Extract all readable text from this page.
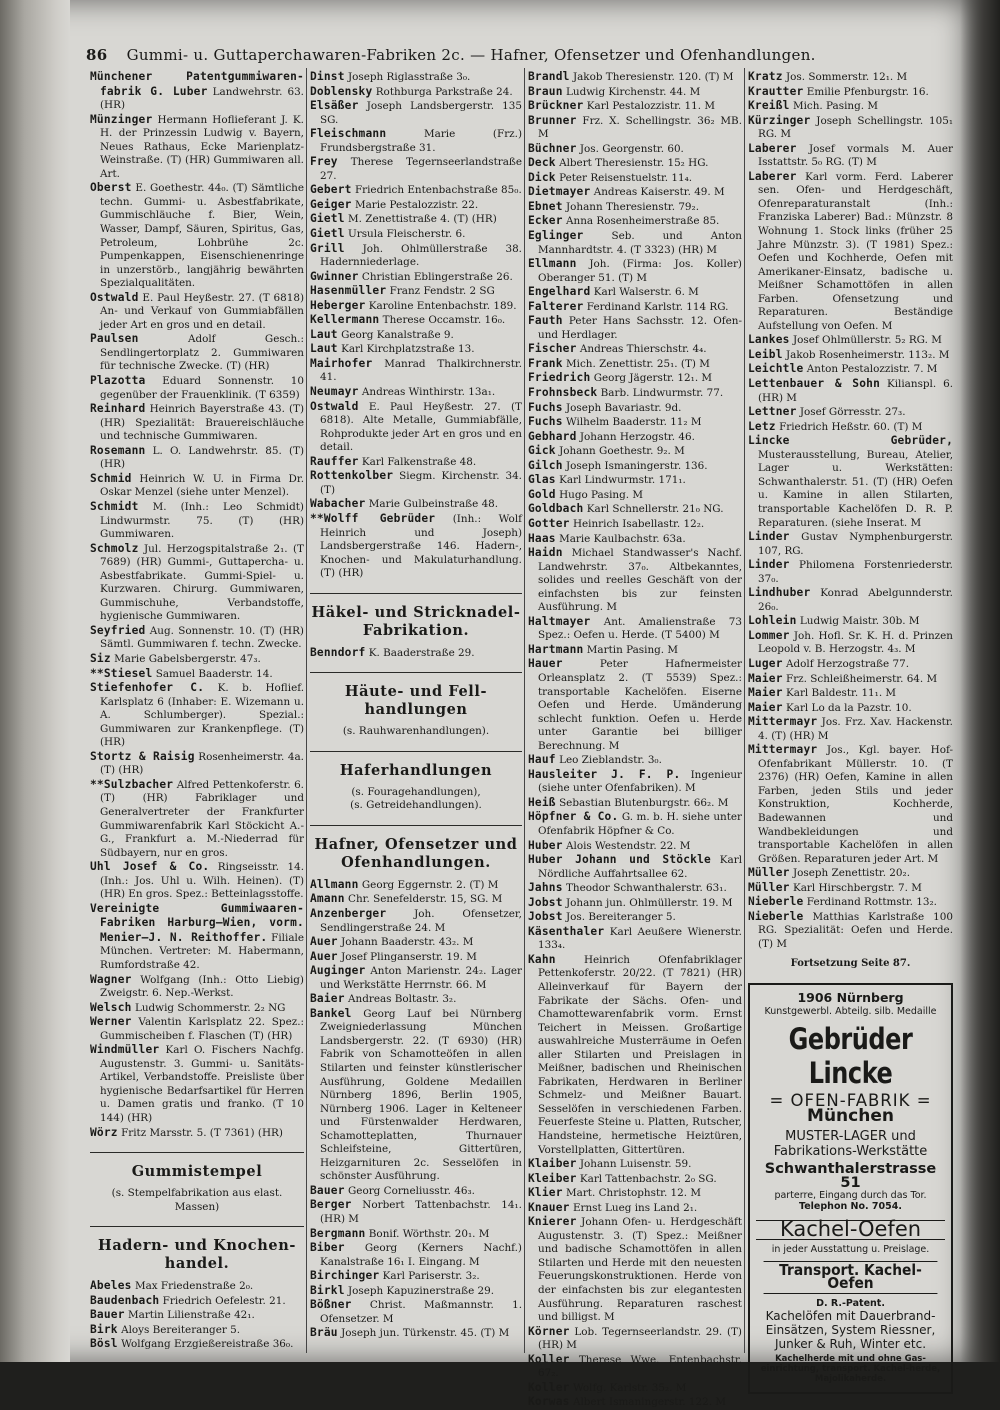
86 Gummi- u. Guttaperchawaren-Fabriken 2c. — Hafner, Ofensetzer und Ofenhandlungen.

Münchener Patentgummiwaren-fabrik G. Luber Landwehrstr. 63. (HR)

Münzinger Hermann Hoflieferant J. K. H. der Prinzessin Ludwig v. Bayern, Neues Rathaus, Ecke Marienplatz-Weinstraße. (T) (HR) Gummiwaren all. Art.

Oberst E. Goethestr. 44₀. (T) Sämtliche techn. Gummi- u. Asbestfabrikate, Gummischläuche f. Bier, Wein, Wasser, Dampf, Säuren, Spiritus, Gas, Petroleum, Lohbrühe 2c. Pumpenkappen, Eisenschienenringe in unzerstörb., langjährig bewährten Spezialqualitäten.

Ostwald E. Paul Heyßestr. 27. (T 6818) An- und Verkauf von Gummiabfällen jeder Art en gros und en detail.

Paulsen	Adolf Gesch.: Sendlingertorplatz 2. Gummiwaren für technische Zwecke. (T) (HR)

Plazotta Eduard Sonnenstr. 10 gegenüber der Frauenklinik. (T 6359)

Reinhard Heinrich Bayerstraße 43. (T) (HR) Spezialität: Brauereischläuche und technische Gummiwaren.

Rosemann L. O. Landwehrstr. 85. (T) (HR)

Schmid Heinrich W. U. in Firma Dr. Oskar Menzel (siehe unter Menzel).

Schmidt M. (Inh.: Leo Schmidt) Lindwurmstr. 75. (T) (HR) Gummiwaren.

Schmolz Jul. Herzogspitalstraße 2₁. (T 7689) (HR) Gummi-, Guttapercha- u. Asbestfabrikate. Gummi-Spiel- u. Kurzwaren. Chirurg. Gummiwaren, Gummischuhe, Verbandstoffe, hygienische Gummiwaren.

Seyfried Aug. Sonnenstr. 10. (T) (HR) Sämtl. Gummiwaren f. techn. Zwecke.

Siz Marie Gabelsbergerstr. 47₃.

**Stiesel Samuel Baaderstr. 14.

Stiefenhofer C. K. b. Hoflief. Karlsplatz 6 (Inhaber: E. Wizemann u. A. Schlumberger). Spezial.: Gummiwaren zur Krankenpflege. (T) (HR)

Stortz & Raisig Rosenheimerstr. 4a. (T) (HR)

**Sulzbacher Alfred Pettenkoferstr. 6. (T) (HR) Fabriklager und Generalvertreter der Frankfurter Gummiwarenfabrik Karl Stöckicht A.-G., Frankfurt a. M.-Niederrad für Südbayern, nur en gros.

Uhl Josef & Co. Ringseisstr. 14. (Inh.: Jos. Uhl u. Wilh. Heinen). (T) (HR) En gros. Spez.: Betteinlagsstoffe.

Vereinigte Gummiwaaren-Fabriken Harburg—Wien, vorm. Menier—J. N. Reithoffer. Filiale München. Vertreter: M. Habermann, Rumfordstraße 42.

Wagner Wolfgang (Inh.: Otto Liebig) Zweigstr. 6. Nep.-Werkst.

Welsch Ludwig Schommerstr. 2₂ NG

Werner Valentin Karlsplatz 22. Spez.: Gummischeiben f. Flaschen (T) (HR)

Windmüller Karl O. Fischers Nachfg. Augustenstr. 3. Gummi- u. Sanitäts-Artikel, Verbandstoffe. Preisliste über hygienische Bedarfsartikel für Herren u. Damen gratis und franko. (T 10 144) (HR)

Wörz Fritz Marsstr. 5. (T 7361) (HR)

Gummistempel

(s. Stempelfabrikation aus elast. Massen)

Hadern- und Knochen-handel.

Abeles Max Friedenstraße 2₀.

Baudenbach Friedrich Oefelestr. 21.

Bauer Martin Lilienstraße 42₁.

Birk Aloys Bereiteranger 5.

Bösl Wolfgang Erzgießereistraße 36₀.

Dinst Joseph Riglasstraße 3₀.

Doblensky Rothburga Parkstraße 24.

Elsäßer Joseph Landsbergerstr. 135 SG.

Fleischmann	Marie (Frz.) Frundsbergstraße 31.

Frey Therese Tegernseerlandstraße 27.

Gebert Friedrich Entenbachstraße 85₀.

Geiger Marie Pestalozzistr. 22.

Gietl M. Zenettistraße 4. (T) (HR)

Gietl Ursula Fleischerstr. 6.

Grill Joh. Ohlmüllerstraße 38. Hadernniederlage.

Gwinner Christian Eblingerstraße 26.

Hasenmüller Franz Fendstr. 2 SG

Heberger Karoline Entenbachstr. 189.

Kellermann Therese Occamstr. 16₀.

Laut Georg Kanalstraße 9.

Laut Karl Kirchplatzstraße 13.

Mairhofer Manrad Thalkirchnerstr. 41.

Neumayr Andreas Winthirstr. 13a₁.

Ostwald E. Paul Heyßestr. 27. (T 6818). Alte Metalle, Gummiabfälle, Rohprodukte jeder Art en gros und en detail.

Rauffer Karl Falkenstraße 48.

Rottenkolber Siegm. Kirchenstr. 34. (T)

Wabacher Marie Gulbeinstraße 48.

**Wolff Gebrüder (Inh.: Wolf Heinrich und Joseph) Landsbergerstraße 146. Hadern-, Knochen- und Makulaturhandlung. (T) (HR)

Häkel- und Stricknadel-Fabrikation.

Benndorf K. Baaderstraße 29.

Häute- und Fell-handlungen

(s. Rauhwarenhandlungen).

Haferhandlungen

(s. Fouragehandlungen),

(s. Getreidehandlungen).

Hafner, Ofensetzer und Ofenhandlungen.

Allmann Georg Eggernstr. 2. (T) M

Amann Chr. Senefelderstr. 15, SG. M

Anzenberger	Joh. Ofensetzer, Sendlingerstraße 24. M

Auer Johann Baaderstr. 43₂. M

Auer Josef Plinganserstr. 19. M

Auginger Anton Marienstr. 24₂. Lager und Werkstätte Herrnstr. 66. M

Baier Andreas Boltastr. 3₂.

Bankel Georg Lauf bei Nürnberg Zweigniederlassung München Landsbergerstr. 22. (T 6930) (HR) Fabrik von Schamotteöfen in allen Stilarten und feinster künstlerischer Ausführung, Goldene Medaillen Nürnberg 1896, Berlin 1905, Nürnberg 1906. Lager in Kelteneer und Fürstenwalder Herdwaren, Schamotteplatten, Thurnauer Schleifsteine, Gittertüren, Heizgarnituren 2c. Sesselöfen in schönster Ausführung.

Bauer Georg Corneliusstr. 46₃.

Berger Norbert Tattenbachstr. 14₁. (HR) M

Bergmann Bonif. Wörthstr. 20₁. M

Biber Georg (Kerners Nachf.) Kanalstraße 16₁ I. Eingang. M

Birchinger Karl Pariserstr. 3₂.

Birkl Joseph Kapuzinerstraße 29.

Bößner Christ. Maßmannstr. 1. Ofensetzer. M

Bräu Joseph jun. Türkenstr. 45. (T) M

Brandl Jakob Theresienstr. 120. (T) M

Braun Ludwig Kirchenstr. 44. M

Brückner Karl Pestalozzistr. 11. M

Brunner Frz. X. Schellingstr. 36₂ MB. M

Büchner Jos. Georgenstr. 60.

Deck Albert Theresienstr. 15₂ HG.

Dick Peter Reisenstuelstr. 11₄.

Dietmayer Andreas Kaiserstr. 49. M

Ebnet Johann Theresienstr. 79₂.

Ecker Anna Rosenheimerstraße 85.

Eglinger	Seb. und Anton Mannhardtstr. 4. (T 3323) (HR) M

Ellmann Joh. (Firma: Jos. Koller) Oberanger 51. (T) M

Engelhard Karl Walserstr. 6. M

Falterer Ferdinand Karlstr. 114 RG.

Fauth Peter Hans Sachsstr. 12. Ofen- und Herdlager.

Fischer Andreas Thierschstr. 4₄.

Frank Mich. Zenettistr. 25₁. (T) M

Friedrich Georg Jägerstr. 12₁. M

Frohnsbeck Barb. Lindwurmstr. 77.

Fuchs Joseph Bavariastr. 9d.

Fuchs Wilhelm Baaderstr. 11₂ M

Gebhard Johann Herzogstr. 46.

Gick Johann Goethestr. 9₂. M

Gilch Joseph Ismaningerstr. 136.

Glas Karl Lindwurmstr. 171₁.

Gold Hugo Pasing. M

Goldbach Karl Schnellerstr. 21₀ NG.

Gotter Heinrich Isabellastr. 12₂.

Haas Marie Kaulbachstr. 63a.

Haidn Michael Standwasser's Nachf. Landwehrstr. 37₀. Altbekanntes, solides und reelles Geschäft von der einfachsten bis zur feinsten Ausführung. M

Haltmayer Ant. Amalienstraße 73 Spez.: Oefen u. Herde. (T 5400) M

Hartmann Martin Pasing. M

Hauer	Peter Hafnermeister Orleansplatz 2. (T 5539) Spez.: transportable Kachelöfen. Eiserne Oefen und Herde. Umänderung schlecht funktion. Oefen u. Herde unter Garantie bei billiger Berechnung. M

Hauf Leo Zieblandstr. 3₀.

Hausleiter J. F. P. Ingenieur (siehe unter Ofenfabriken). M

Heiß Sebastian Blutenburgstr. 66₂. M

Höpfner & Co. G. m. b. H. siehe unter Ofenfabrik Höpfner & Co.

Huber Alois Westendstr. 22. M

Huber Johann und Stöckle Karl Nördliche Auffahrtsallee 62.

Jahns Theodor Schwanthalerstr. 63₁.

Jobst Johann jun. Ohlmüllerstr. 19. M

Jobst Jos. Bereiteranger 5.

Käsenthaler Karl Aeußere Wienerstr. 133₄.

Kahn	Heinrich Ofenfabriklager Pettenkoferstr. 20/22. (T 7821) (HR) Alleinverkauf für Bayern der Fabrikate der Sächs. Ofen- und Chamottewarenfabrik vorm. Ernst Teichert in Meissen. Großartige auswahlreiche Musterräume in Oefen aller Stilarten und Preislagen in Meißner, badischen und Rheinischen Fabrikaten, Herdwaren in Berliner Schmelz- und Meißner Bauart. Sesselöfen in verschiedenen Farben. Feuerfeste Steine u. Platten, Rutscher, Handsteine, hermetische Heiztüren, Vorstellplatten, Gittertüren.

Klaiber Johann Luisenstr. 59.

Kleiber Karl Tattenbachstr. 2₀ SG.

Klier Mart. Christophstr. 12. M

Knauer Ernst Lueg ins Land 2₁.

Knierer Johann Ofen- u. Herdgeschäft Augustenstr. 3. (T) Spez.: Meißner und badische Schamottöfen in allen Stilarten und Herde mit den neuesten Feuerungskonstruktionen. Herde von der einfachsten bis zur elegantesten Ausführung. Reparaturen raschest und billigst. M

Körner Lob. Tegernseerlandstr. 29. (T) (HR) M

Koller Therese Wwe. Entenbachstr. 67₂.

Koller Wolfg. Karlstr. 35₂. M

Korwas Albert Ismaningerstr. 122. M

Kratz Jos. Sommerstr. 12₁. M

Krautter Emilie Pfenburgstr. 16.

Kreißl Mich. Pasing. M

Kürzinger Joseph Schellingstr. 105₁ RG. M

Laberer Josef vormals M. Auer Isstattstr. 5₀ RG. (T) M

Laberer Karl vorm. Ferd. Laberer sen. Ofen- und Herdgeschäft, Ofenreparaturanstalt (Inh.: Franziska Laberer) Bad.: Münzstr. 8 Wohnung 1. Stock links (früher 25 Jahre Münzstr. 3). (T 1981) Spez.: Oefen und Kochherde, Oefen mit Amerikaner-Einsatz, badische u. Meißner Schamottöfen in allen Farben. Ofensetzung und Reparaturen. Beständige Aufstellung von Oefen. M

Lankes Josef Ohlmüllerstr. 5₂ RG. M

Leibl Jakob Rosenheimerstr. 113₂. M

Leichtle Anton Pestalozzistr. 7. M

Lettenbauer & Sohn Kilianspl. 6. (HR) M

Lettner Josef Görresstr. 27₃.

Letz Friedrich Heßstr. 60. (T) M

Lincke Gebrüder, Musterausstellung, Bureau, Atelier, Lager u. Werkstätten: Schwanthalerstr. 51. (T) (HR) Oefen u. Kamine in allen Stilarten, transportable Kachelöfen D. R. P. Reparaturen. (siehe Inserat. M

Linder Gustav Nymphenburgerstr. 107, RG.

Linder Philomena Forstenriederstr. 37₀.

Lindhuber Konrad Abelgunnderstr. 26₀.

Lohlein Ludwig Maistr. 30b. M

Lommer Joh. Hofl. Sr. K. H. d. Prinzen Leopold v. B. Herzogstr. 4₃. M

Luger Adolf Herzogstraße 77.

Maier Frz. Schleißheimerstr. 64. M

Maier Karl Baldestr. 11₁. M

Maier Karl Lo da la Pazstr. 10.

Mittermayr Jos. Frz. Xav. Hackenstr. 4. (T) (HR) M

Mittermayr Jos., Kgl. bayer. Hof-Ofenfabrikant Müllerstr. 10. (T 2376) (HR) Oefen, Kamine in allen Farben, jeden Stils und jeder Konstruktion, Kochherde, Badewannen und Wandbekleidungen und transportable Kachelöfen in allen Größen. Reparaturen jeder Art. M

Müller Joseph Zenettistr. 20₂.

Müller Karl Hirschbergstr. 7. M

Nieberle Ferdinand Rottmstr. 13₂.

Nieberle Matthias Karlstraße 100 RG. Spezialität: Oefen und Herde. (T) M

Fortsetzung Seite 87.
1906 Nürnberg
Kunstgewerbl. Abteilg. silb. Medaille
Gebrüder Lincke
= OFEN-FABRIK =
München
MUSTER-LAGER und
Fabrikations-Werkstätte
Schwanthalerstrasse 51
parterre, Eingang durch das Tor.
Telephon No. 7054.
Kachel-Oefen
in jeder Ausstattung u. Preislage.
Transport. Kachel-Oefen
D. R.-Patent.
Kachelöfen mit Dauerbrand-Einsätzen, System Riessner, Junker & Ruh, Winter etc.
Kachelherde mit und ohne Gas-einrichtung, transport. Kachel-herde, Majolikaherde.
